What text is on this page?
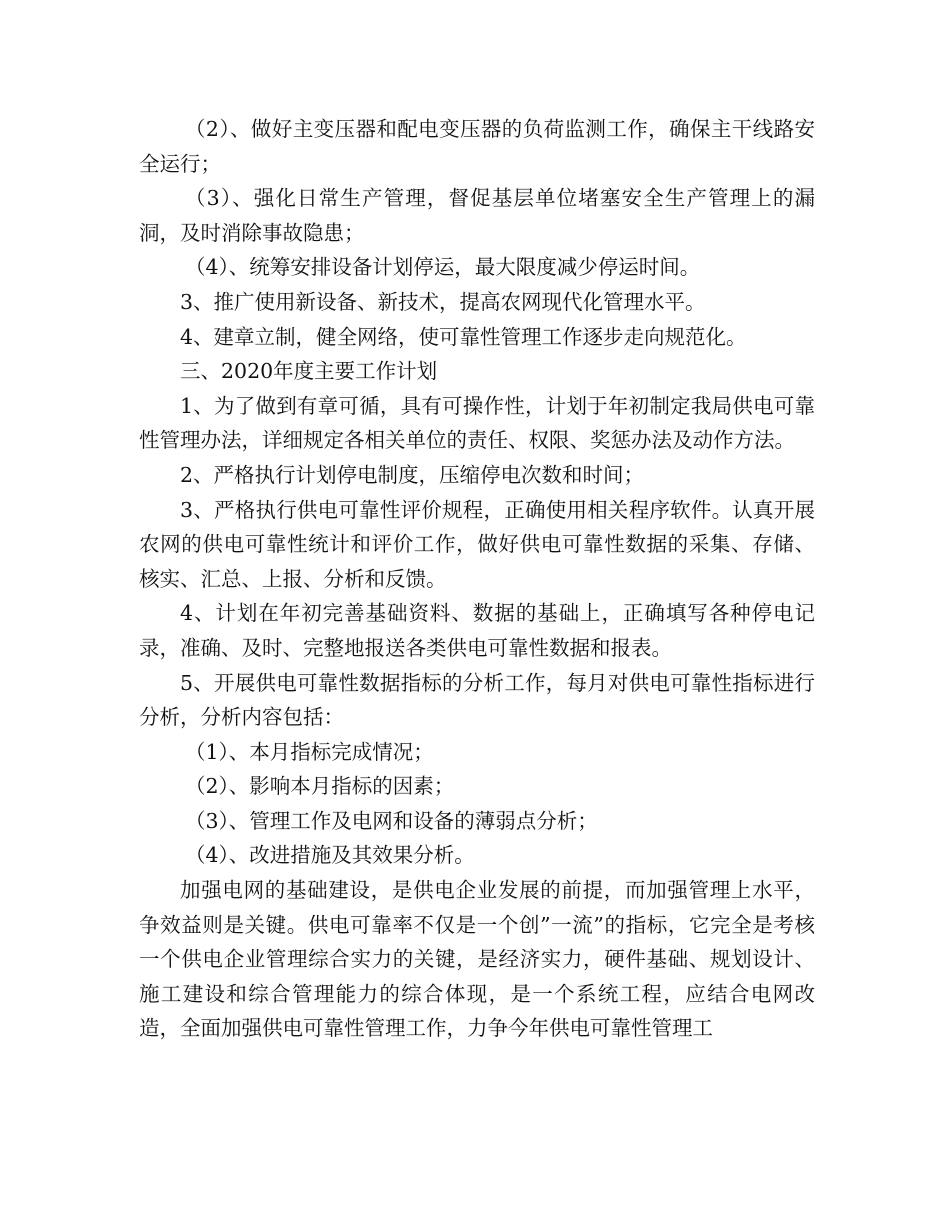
（2）、做好主变压器和配电变压器的负荷监测工作，确保主干线路安全运行；

（3）、强化日常生产管理，督促基层单位堵塞安全生产管理上的漏洞，及时消除事故隐患；

（4）、统筹安排设备计划停运，最大限度减少停运时间。

3、推广使用新设备、新技术，提高农网现代化管理水平。

4、建章立制，健全网络，使可靠性管理工作逐步走向规范化。

三、2020年度主要工作计划

1、为了做到有章可循，具有可操作性，计划于年初制定我局供电可靠性管理办法，详细规定各相关单位的责任、权限、奖惩办法及动作方法。

2、严格执行计划停电制度，压缩停电次数和时间；

3、严格执行供电可靠性评价规程，正确使用相关程序软件。认真开展农网的供电可靠性统计和评价工作，做好供电可靠性数据的采集、存储、核实、汇总、上报、分析和反馈。

4、计划在年初完善基础资料、数据的基础上，正确填写各种停电记录，准确、及时、完整地报送各类供电可靠性数据和报表。

5、开展供电可靠性数据指标的分析工作，每月对供电可靠性指标进行分析，分析内容包括：

（1）、本月指标完成情况；

（2）、影响本月指标的因素；

（3）、管理工作及电网和设备的薄弱点分析；

（4）、改进措施及其效果分析。

加强电网的基础建设，是供电企业发展的前提，而加强管理上水平，争效益则是关键。供电可靠率不仅是一个创”一流”的指标，它完全是考核一个供电企业管理综合实力的关键，是经济实力，硬件基础、规划设计、施工建设和综合管理能力的综合体现，是一个系统工程，应结合电网改造，全面加强供电可靠性管理工作，力争今年供电可靠性管理工
